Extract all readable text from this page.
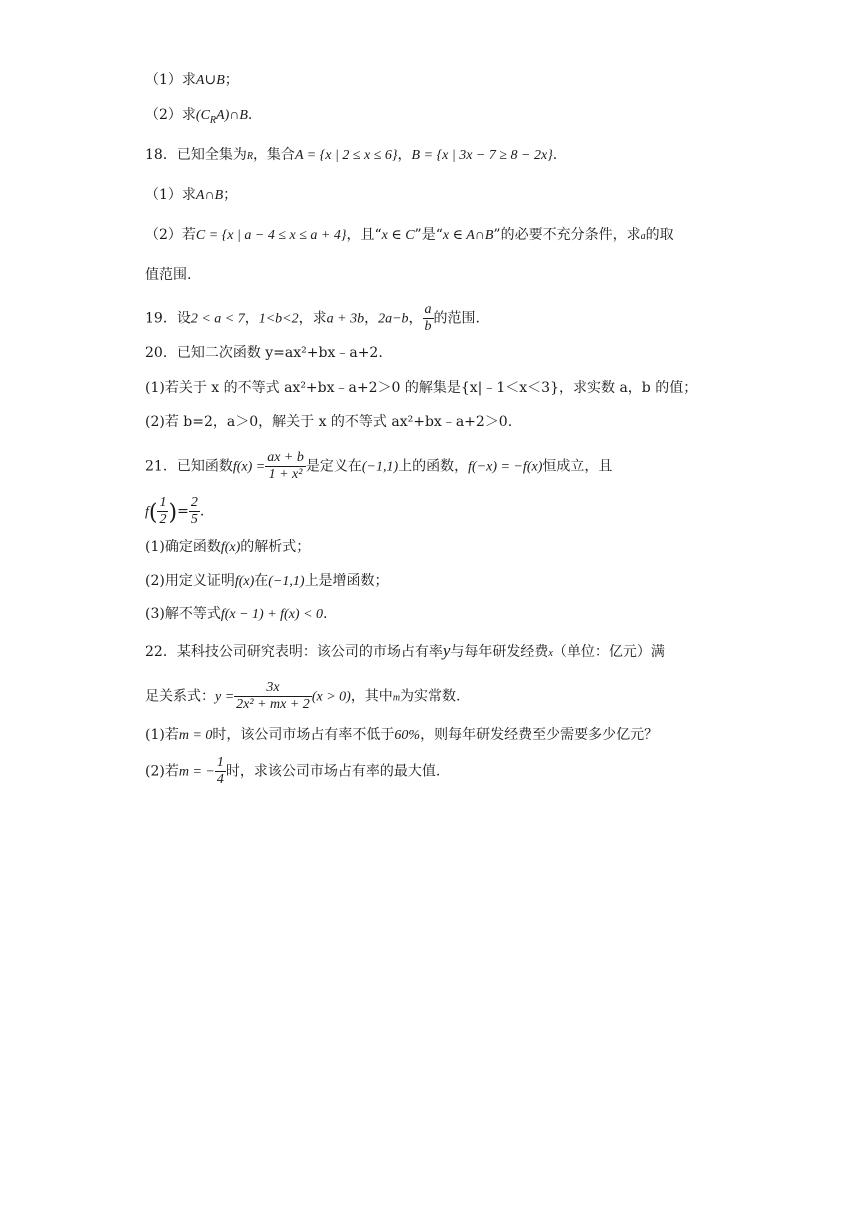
（1）求A∪B；
（2）求$(C_RA)\cap B$.
18．已知全集为R，集合A = {x | 2 ≤ x ≤ 6}，B = {x | 3x − 7 ≥ 8 − 2x}.
（1）求A∩B；
（2）若C = {x | a − 4 ≤ x ≤ a + 4}，且“x ∈ C”是“x ∈ A∩B”的必要不充分条件，求a的取
值范围.
19．设2 < a < 7，1<b<2，求a + 3b，2a−b， $\frac{a}{b}$ 的范围.
20．已知二次函数 y=ax²+bx﹣a+2.
(1)若关于 x 的不等式 ax²+bx﹣a+2＞0 的解集是{x|﹣1＜x＜3}，求实数 a，b 的值；
(2)若 b=2，a＞0，解关于 x 的不等式 ax²+bx﹣a+2＞0.
21．已知函数$f(x) = \frac{ax + b}{\text{1 + x²}}$ 是定义在(−1,1)上的函数，f(−x) = −f(x)恒成立，且
$f( \frac{1}{2}$ )= $\frac{2}{5}$ .
(1)确定函数f(x)的解析式；
(2)用定义证明f(x)在(−1,1)上是增函数；
(3)解不等式f(x − 1) + f(x) < 0.
22．某科技公司研究表明：该公司的市场占有率y与每年研发经费x（单位：亿元）满
足关系式：$y = \frac{3x}{\text{2x² + mx + 2}} (x > 0)$，其中m为实常数.
(1)若m = 0时，该公司市场占有率不低于60%，则每年研发经费至少需要多少亿元？
(2)若m = − $\frac{1}{4}$ 时，求该公司市场占有率的最大值.
